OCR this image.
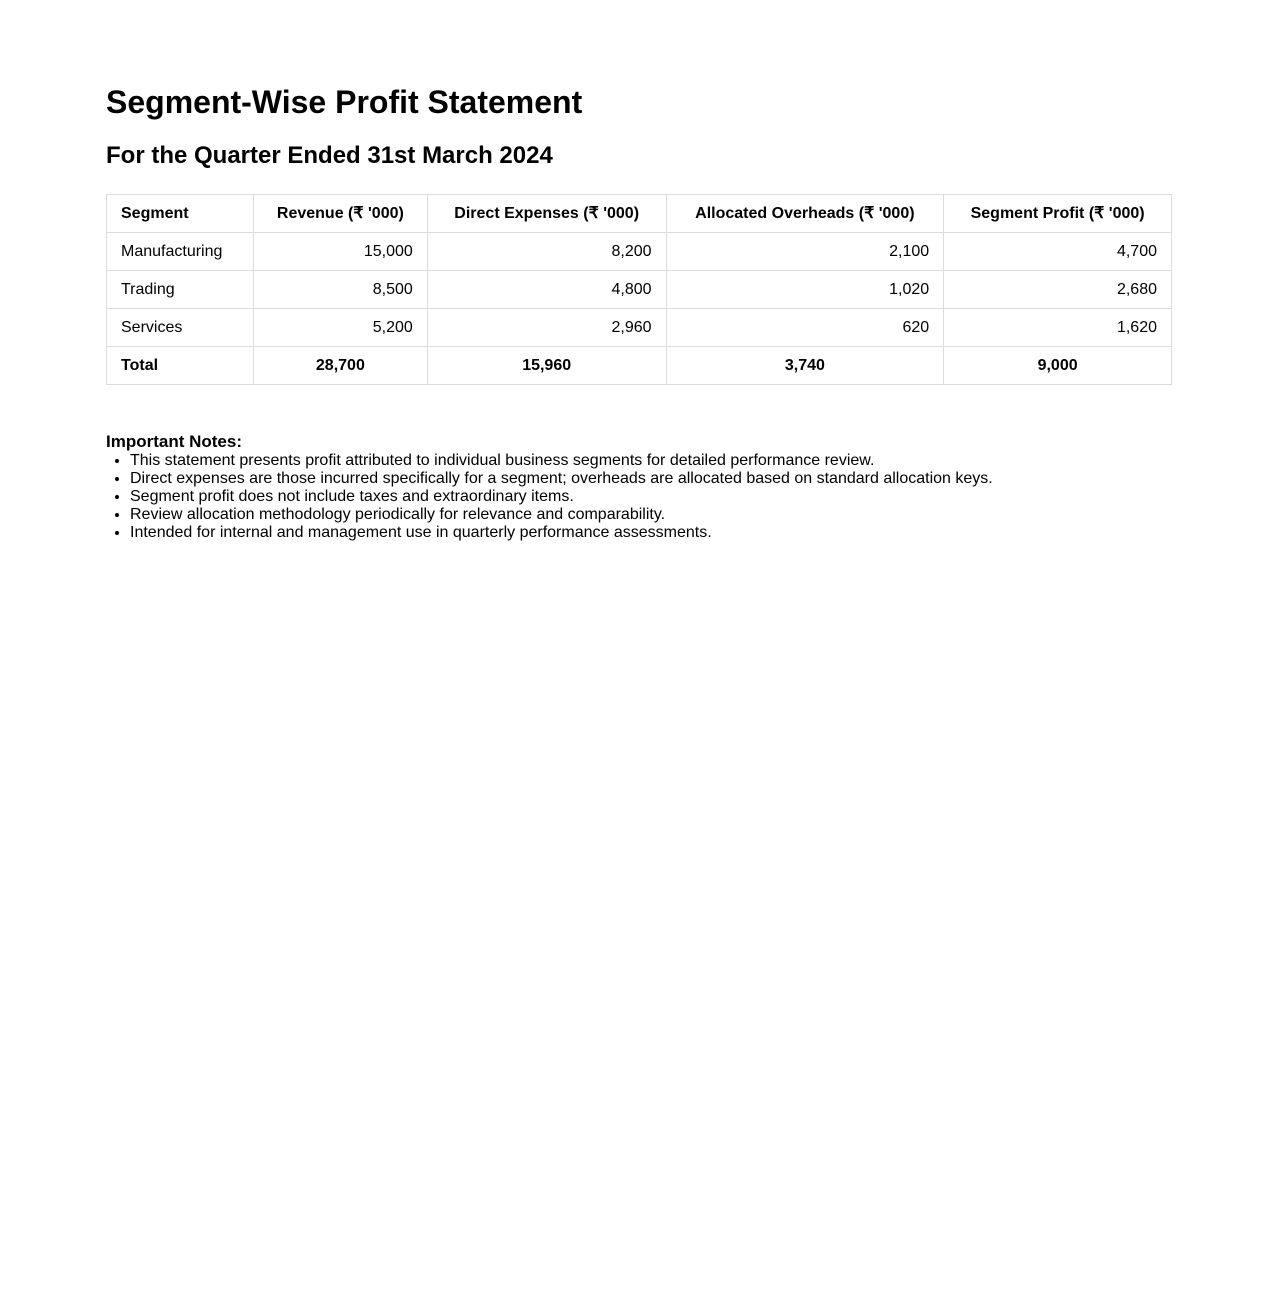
Segment-Wise Profit Statement
For the Quarter Ended 31st March 2024
Segment	Revenue (₹ '000)	Direct Expenses (₹ '000)	Allocated Overheads (₹ '000)	Segment Profit (₹ '000)
Manufacturing	15,000	8,200	2,100	4,700
Trading	8,500	4,800	1,020	2,680
Services	5,200	2,960	620	1,620
Total	28,700	15,960	3,740	9,000

Important Notes:

• This statement presents profit attributed to individual business segments for detailed performance review.
• Direct expenses are those incurred specifically for a segment; overheads are allocated based on standard allocation keys.
• Segment profit does not include taxes and extraordinary items.
• Review allocation methodology periodically for relevance and comparability.
• Intended for internal and management use in quarterly performance assessments.
